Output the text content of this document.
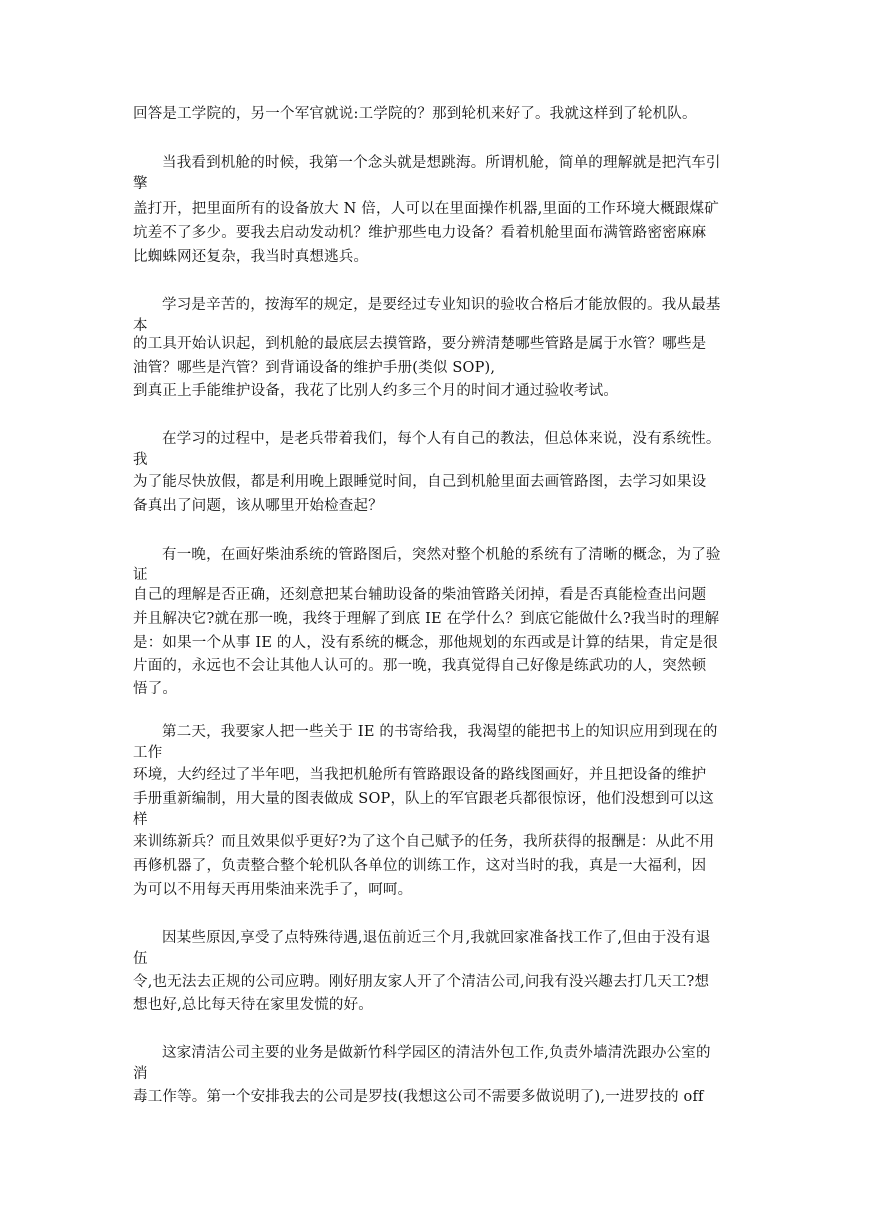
回答是工学院的，另一个军官就说:工学院的？那到轮机来好了。我就这样到了轮机队。
当我看到机舱的时候，我第一个念头就是想跳海。所谓机舱，简单的理解就是把汽车引
擎
盖打开，把里面所有的设备放大 N 倍，人可以在里面操作机器,里面的工作环境大概跟煤矿
坑差不了多少。要我去启动发动机？维护那些电力设备？看着机舱里面布满管路密密麻麻
比蜘蛛网还复杂，我当时真想逃兵。
学习是辛苦的，按海军的规定，是要经过专业知识的验收合格后才能放假的。我从最基
本
的工具开始认识起，到机舱的最底层去摸管路，要分辨清楚哪些管路是属于水管？哪些是
油管？哪些是汽管？到背诵设备的维护手册(类似 SOP),
到真正上手能维护设备，我花了比别人约多三个月的时间才通过验收考试。
在学习的过程中，是老兵带着我们，每个人有自己的教法，但总体来说，没有系统性。
我
为了能尽快放假，都是利用晚上跟睡觉时间，自己到机舱里面去画管路图，去学习如果设
备真出了问题，该从哪里开始检查起？
有一晚，在画好柴油系统的管路图后，突然对整个机舱的系统有了清晰的概念，为了验
证
自己的理解是否正确，还刻意把某台辅助设备的柴油管路关闭掉，看是否真能检查出问题
并且解决它?就在那一晚，我终于理解了到底 IE 在学什么？到底它能做什么?我当时的理解
是：如果一个从事 IE 的人，没有系统的概念，那他规划的东西或是计算的结果，肯定是很
片面的，永远也不会让其他人认可的。那一晚，我真觉得自己好像是练武功的人，突然顿
悟了。
第二天，我要家人把一些关于 IE 的书寄给我，我渴望的能把书上的知识应用到现在的
工作
环境，大约经过了半年吧，当我把机舱所有管路跟设备的路线图画好，并且把设备的维护
手册重新编制，用大量的图表做成 SOP，队上的军官跟老兵都很惊讶，他们没想到可以这
样
来训练新兵？而且效果似乎更好?为了这个自己赋予的任务，我所获得的报酬是：从此不用
再修机器了，负责整合整个轮机队各单位的训练工作，这对当时的我，真是一大福利，因
为可以不用每天再用柴油来洗手了，呵呵。
因某些原因,享受了点特殊待遇,退伍前近三个月,我就回家准备找工作了,但由于没有退
伍
令,也无法去正规的公司应聘。刚好朋友家人开了个清洁公司,问我有没兴趣去打几天工?想
想也好,总比每天待在家里发慌的好。
这家清洁公司主要的业务是做新竹科学园区的清洁外包工作,负责外墙清洗跟办公室的
消
毒工作等。第一个安排我去的公司是罗技(我想这公司不需要多做说明了),一进罗技的 off
